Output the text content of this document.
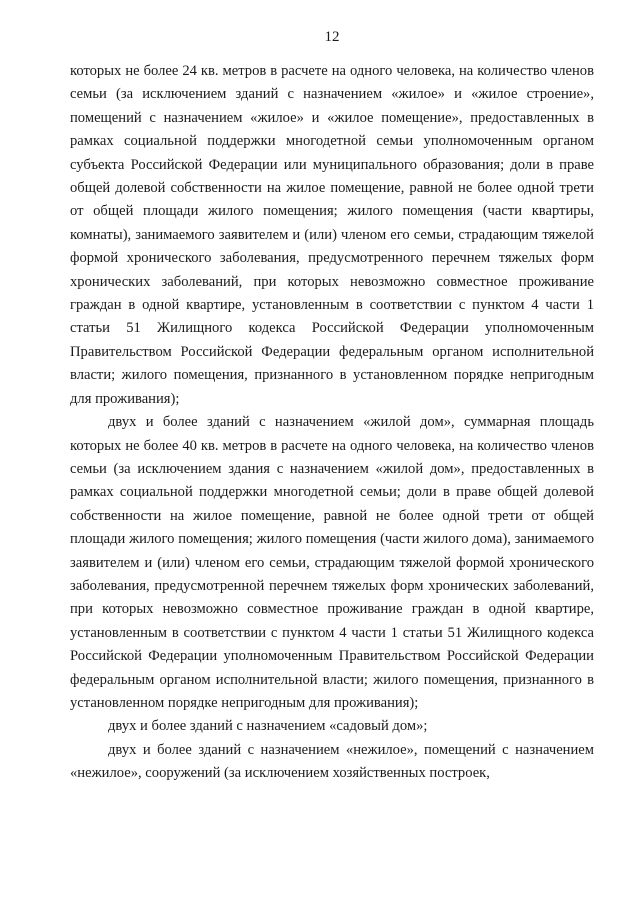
12

которых не более 24 кв. метров в расчете на одного человека, на количество членов семьи (за исключением зданий с назначением «жилое» и «жилое строение», помещений с назначением «жилое» и «жилое помещение», предоставленных в рамках социальной поддержки многодетной семьи уполномоченным органом субъекта Российской Федерации или муниципального образования; доли в праве общей долевой собственности на жилое помещение, равной не более одной трети от общей площади жилого помещения; жилого помещения (части квартиры, комнаты), занимаемого заявителем и (или) членом его семьи, страдающим тяжелой формой хронического заболевания, предусмотренного перечнем тяжелых форм хронических заболеваний, при которых невозможно совместное проживание граждан в одной квартире, установленным в соответствии с пунктом 4 части 1 статьи 51 Жилищного кодекса Российской Федерации уполномоченным Правительством Российской Федерации федеральным органом исполнительной власти; жилого помещения, признанного в установленном порядке непригодным для проживания);

двух и более зданий с назначением «жилой дом», суммарная площадь которых не более 40 кв. метров в расчете на одного человека, на количество членов семьи (за исключением здания с назначением «жилой дом», предоставленных в рамках социальной поддержки многодетной семьи; доли в праве общей долевой собственности на жилое помещение, равной не более одной трети от общей площади жилого помещения; жилого помещения (части жилого дома), занимаемого заявителем и (или) членом его семьи, страдающим тяжелой формой хронического заболевания, предусмотренной перечнем тяжелых форм хронических заболеваний, при которых невозможно совместное проживание граждан в одной квартире, установленным в соответствии с пунктом 4 части 1 статьи 51 Жилищного кодекса Российской Федерации уполномоченным Правительством Российской Федерации федеральным органом исполнительной власти; жилого помещения, признанного в установленном порядке непригодным для проживания);

двух и более зданий с назначением «садовый дом»;

двух и более зданий с назначением «нежилое», помещений с назначением «нежилое», сооружений (за исключением хозяйственных построек,
